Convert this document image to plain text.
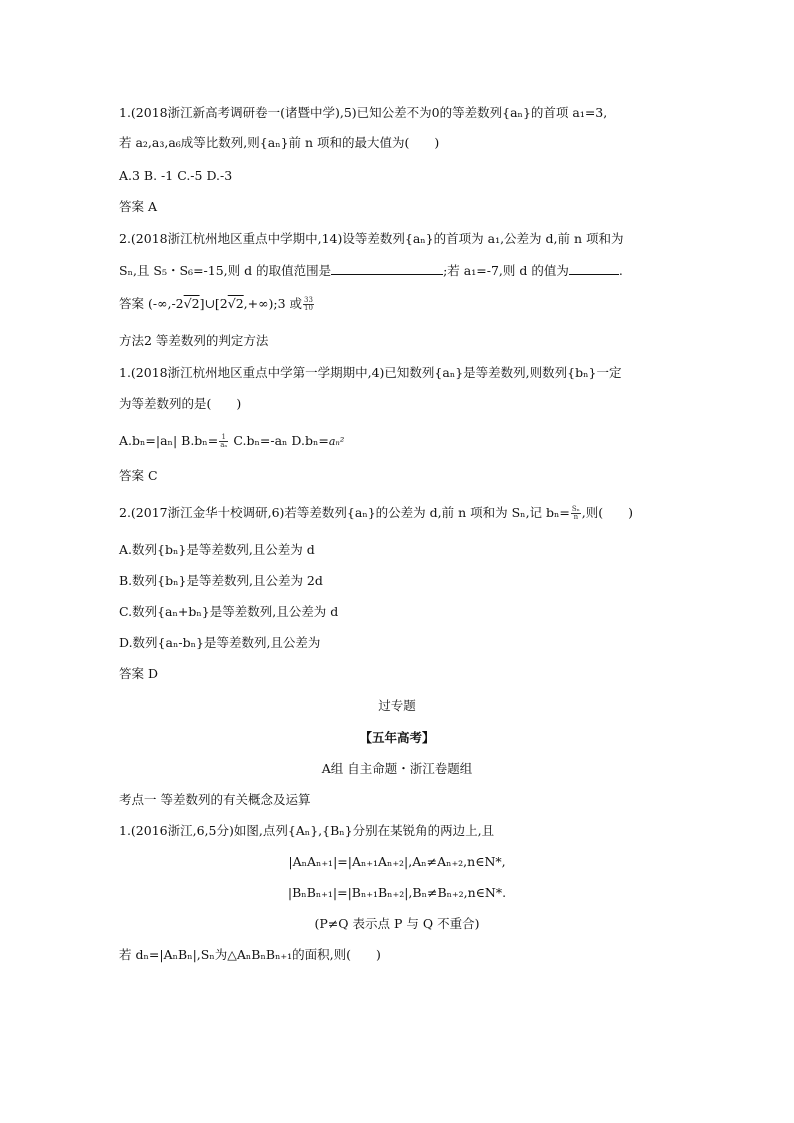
1.(2018浙江新高考调研卷一(诸暨中学),5)已知公差不为0的等差数列{aₙ}的首项 a₁=3,
若 a₂,a₃,a₆成等比数列,则{aₙ}前 n 项和的最大值为(　　)
A.3 B. -1 C.-5 D.-3
答案 A
2.(2018浙江杭州地区重点中学期中,14)设等差数列{aₙ}的首项为 a₁,公差为 d,前 n 项和为
Sₙ,且 S₅・S₆=-15,则 d 的取值范围是	;若 a₁=-7,则 d 的值为	.
答案 (-∞,-2√2]∪[2√2,+∞);3 或 $\frac{33}{10}$
方法2 等差数列的判定方法
1.(2018浙江杭州地区重点中学第一学期期中,4)已知数列{aₙ}是等差数列,则数列{bₙ}一定
为等差数列的是(　　)
A.bₙ=|aₙ| $B.b_n= \frac{1}{\text{aₙ}} C.b_n=-a_n$ D.bₙ=aₙ²
答案 C
2.(2017浙江金华十校调研,6)若等差数列{aₙ}的公差为 d,前 n 项和为 Sₙ,记 $b_n= \frac{\text{Sₙ}}{n}$ ,则(　　)
A.数列{bₙ}是等差数列,且公差为 d
B.数列{bₙ}是等差数列,且公差为 2d
C.数列{aₙ+bₙ}是等差数列,且公差为 d
D.数列{aₙ-bₙ}是等差数列,且公差为
答案 D
过专题
【五年高考】
A组 自主命题・浙江卷题组
考点一 等差数列的有关概念及运算
1.(2016浙江,6,5分)如图,点列{Aₙ},{Bₙ}分别在某锐角的两边上,且
|AₙAₙ₊₁|=|Aₙ₊₁Aₙ₊₂|,Aₙ≠Aₙ₊₂,n∈N*,
|BₙBₙ₊₁|=|Bₙ₊₁Bₙ₊₂|,Bₙ≠Bₙ₊₂,n∈N*.
(P≠Q 表示点 P 与 Q 不重合)
若 dₙ=|AₙBₙ|,Sₙ为△AₙBₙBₙ₊₁的面积,则(　　)
